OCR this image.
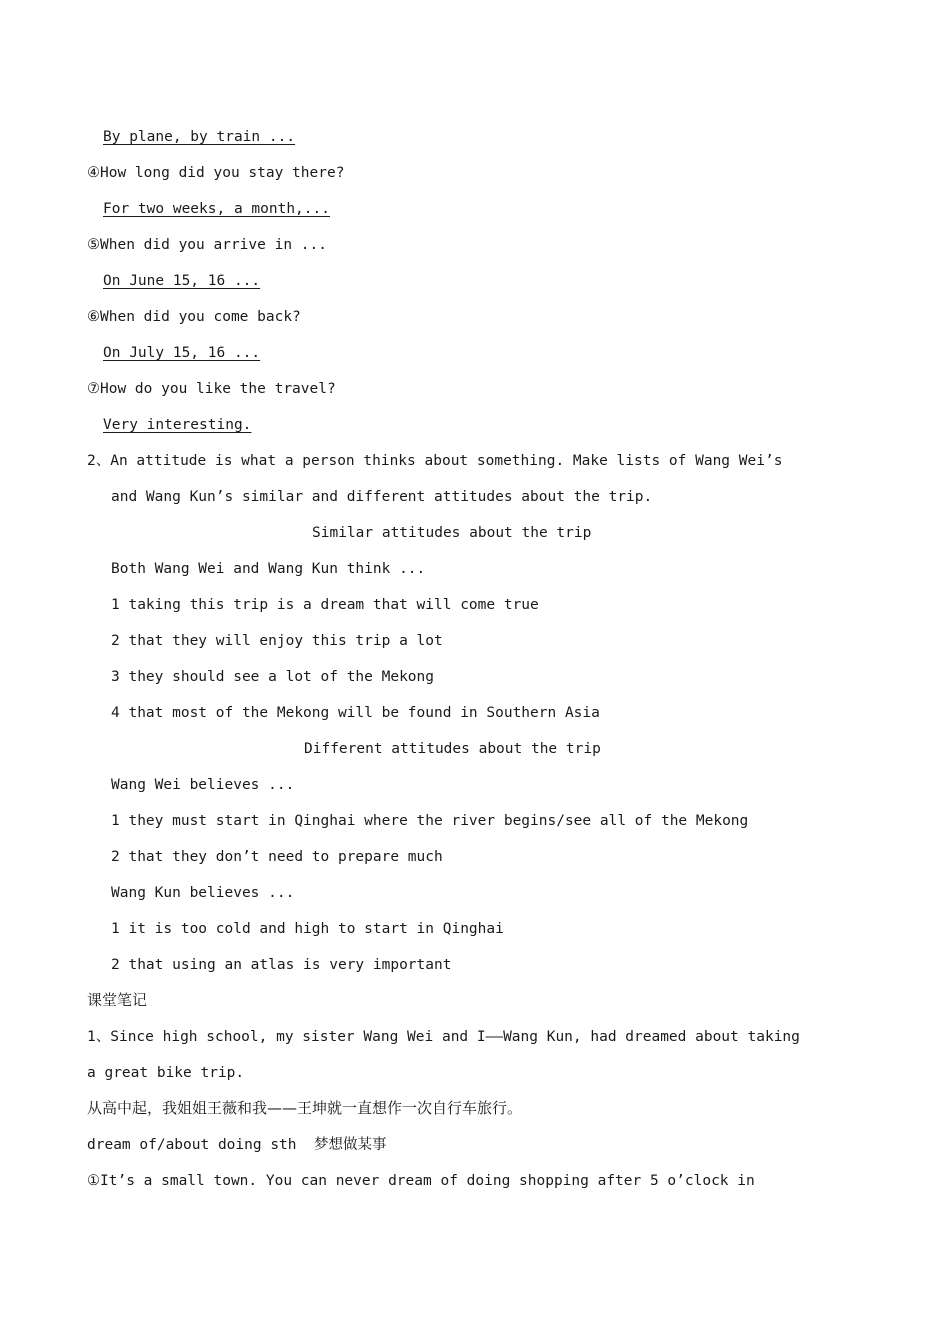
By plane, by train ...
④How long did you stay there?
For two weeks, a month,...
⑤When did you arrive in ...
On June 15, 16 ...
⑥When did you come back?
On July 15, 16 ...
⑦How do you like the travel?
Very interesting.
2、An attitude is what a person thinks about something. Make lists of Wang Wei’s
and Wang Kun’s similar and different attitudes about the trip.
Similar attitudes about the trip
Both Wang Wei and Wang Kun think ...
1 taking this trip is a dream that will come true
2 that they will enjoy this trip a lot
3 they should see a lot of the Mekong
4 that most of the Mekong will be found in Southern Asia
Different attitudes about the trip
Wang Wei believes ...
1 they must start in Qinghai where the river begins/see all of the Mekong
2 that they don’t need to prepare much
Wang Kun believes ...
1 it is too cold and high to start in Qinghai
2 that using an atlas is very important
课堂笔记
1、Since high school, my sister Wang Wei and I——Wang Kun, had dreamed about taking
a great bike trip.
从高中起，我姐姐王薇和我——王坤就一直想作一次自行车旅行。
dream of/about doing sth  梦想做某事
①It’s a small town. You can never dream of doing shopping after 5 o’clock in
